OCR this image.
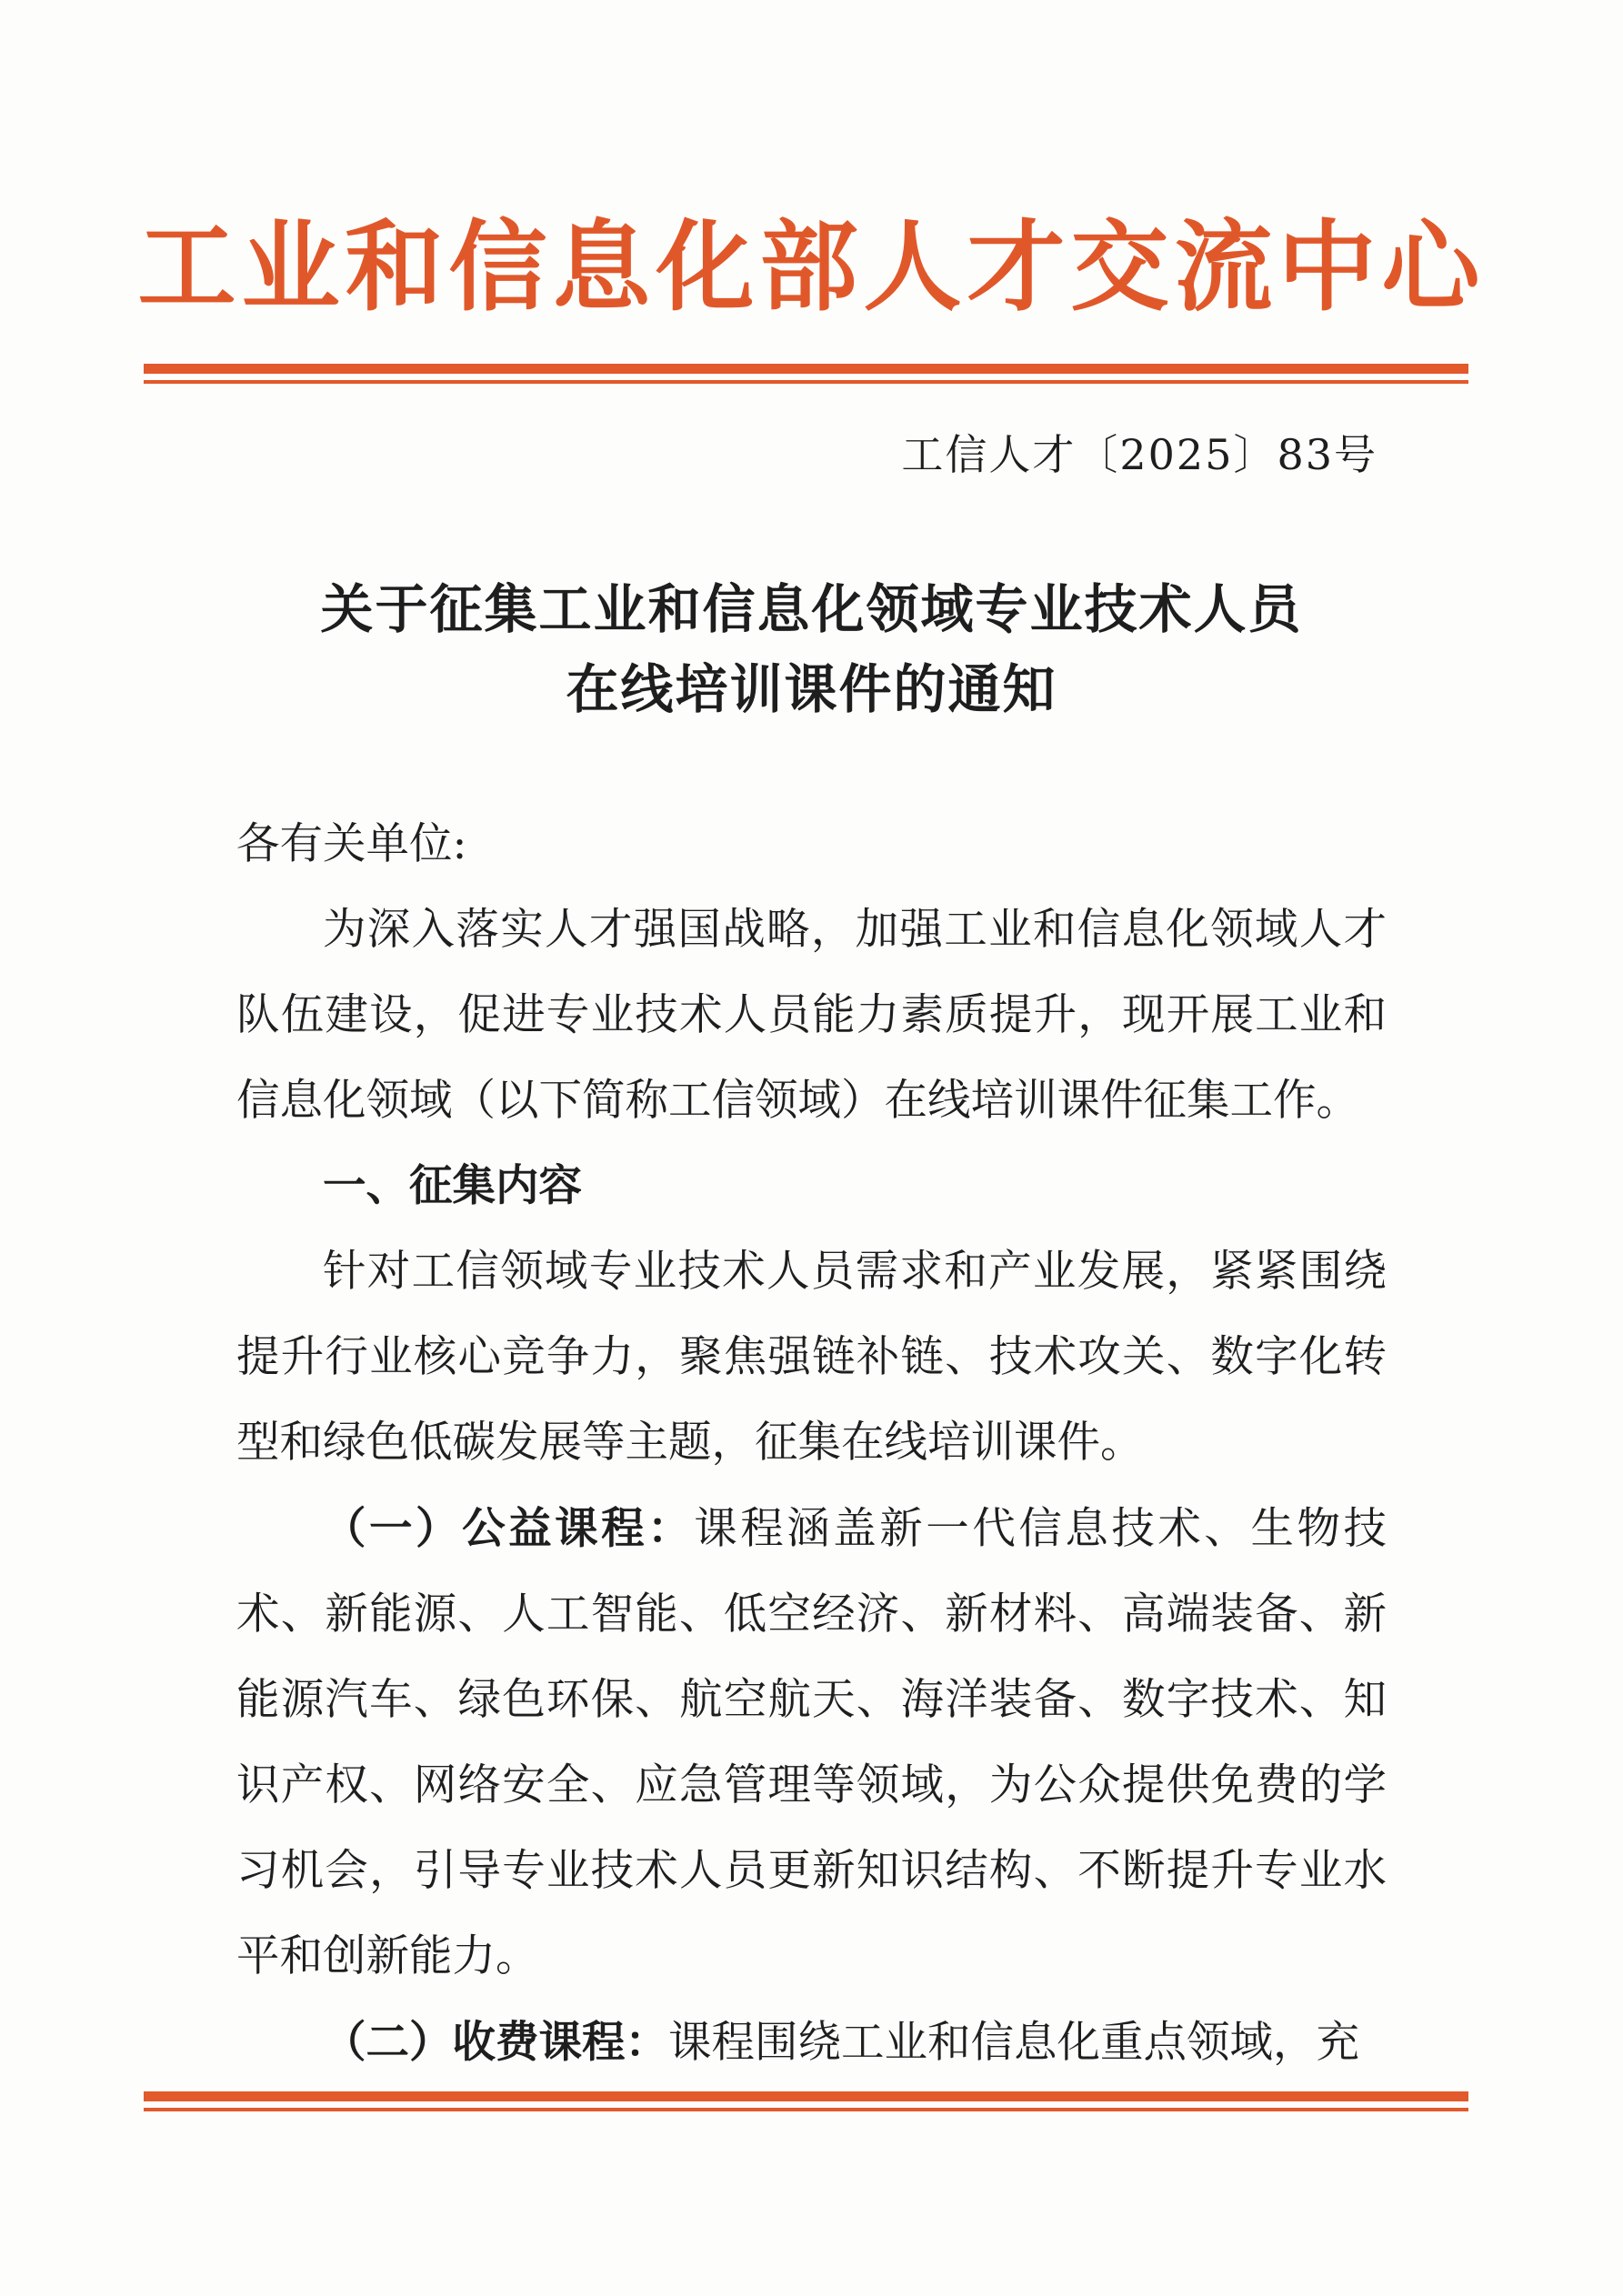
工业和信息化部人才交流中心
工信人才〔2025〕83号
关于征集工业和信息化领域专业技术人员
在线培训课件的通知

各有关单位:

为深入落实人才强国战略，加强工业和信息化领域人才队伍建设，促进专业技术人员能力素质提升，现开展工业和信息化领域（以下简称工信领域）在线培训课件征集工作。

一、征集内容

针对工信领域专业技术人员需求和产业发展，紧紧围绕提升行业核心竞争力，聚焦强链补链、技术攻关、数字化转型和绿色低碳发展等主题，征集在线培训课件。

（一）公益课程：课程涵盖新一代信息技术、生物技术、新能源、人工智能、低空经济、新材料、高端装备、新能源汽车、绿色环保、航空航天、海洋装备、数字技术、知识产权、网络安全、应急管理等领域，为公众提供免费的学习机会，引导专业技术人员更新知识结构、不断提升专业水平和创新能力。

（二）收费课程：课程围绕工业和信息化重点领域，充
